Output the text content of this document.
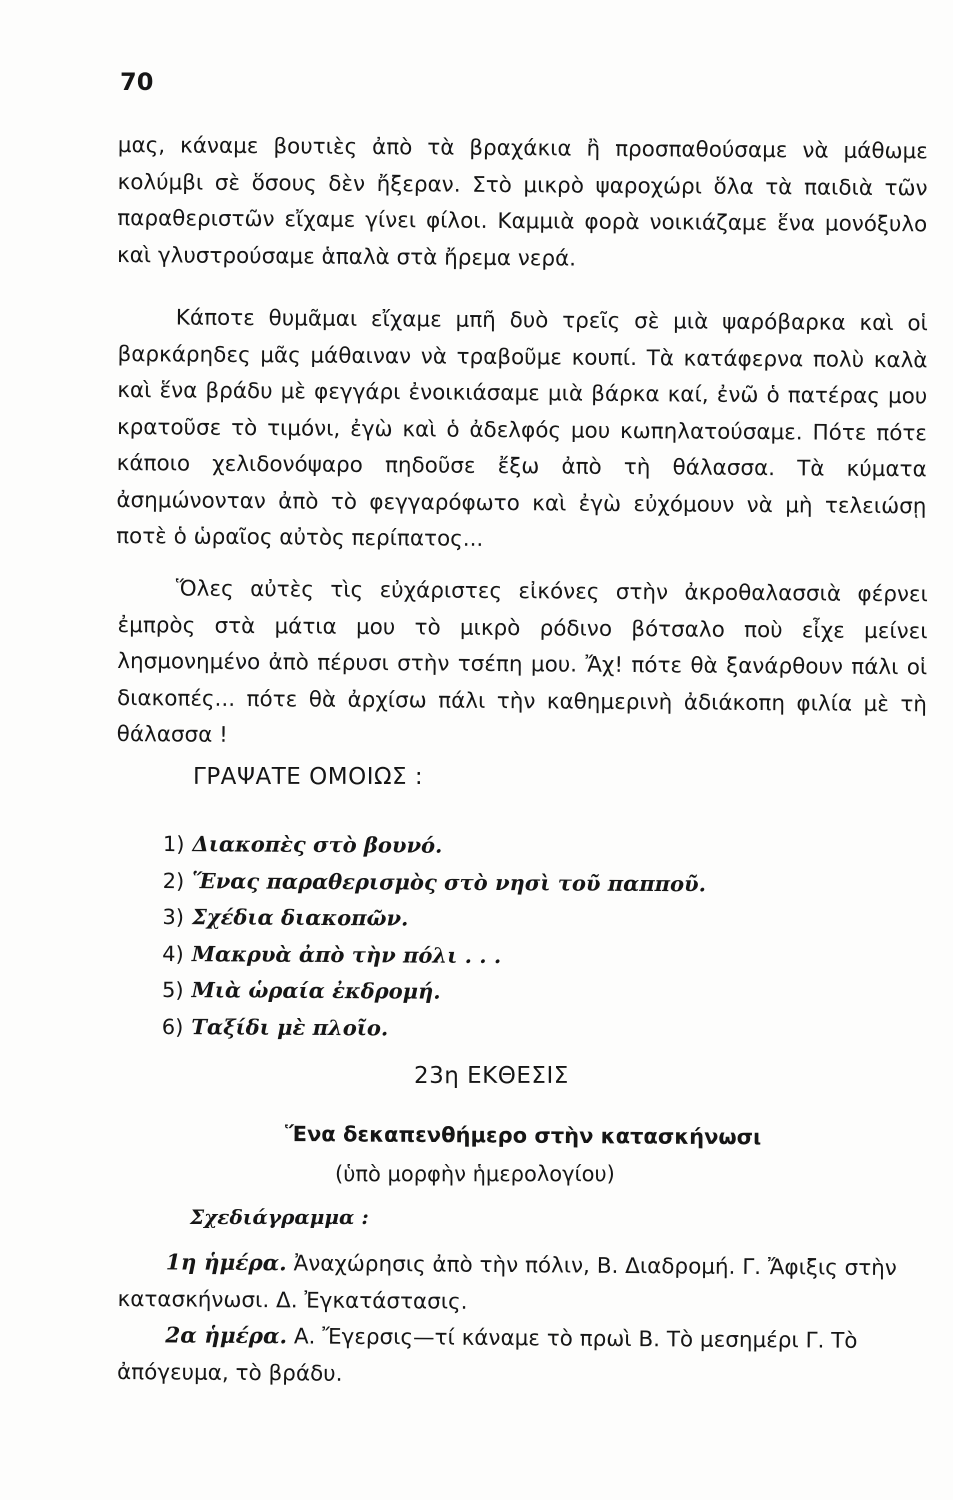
70

μας, κάναμε βουτιὲς ἀπὸ τὰ βραχάκια ἢ προσπαθούσαμε νὰ μάθωμε κολύμβι σὲ ὅσους δὲν ἤξεραν. Στὸ μικρὸ ψαροχώρι ὅλα τὰ παιδιὰ τῶν παραθεριστῶν εἴχαμε γίνει φίλοι. Καμμιὰ φορὰ νοικιάζαμε ἕνα μονόξυλο καὶ γλυστρούσαμε ἁπαλὰ στὰ ἤρεμα νερά.

Κάποτε θυμᾶμαι εἴχαμε μπῆ δυὸ τρεῖς σὲ μιὰ ψαρόβαρκα καὶ οἱ βαρκάρηδες μᾶς μάθαιναν νὰ τραβοῦμε κουπί. Τὰ κατάφερνα πολὺ καλὰ καὶ ἕνα βράδυ μὲ φεγγάρι ἐνοικιάσαμε μιὰ βάρκα καί, ἐνῶ ὁ πατέρας μου κρατοῦσε τὸ τιμόνι, ἐγὼ καὶ ὁ ἀδελφός μου κωπηλατούσαμε. Πότε πότε κάποιο χελιδονόψαρο πηδοῦσε ἔξω ἀπὸ τὴ θάλασσα. Τὰ κύματα ἀσημώνονταν ἀπὸ τὸ φεγγαρόφωτο καὶ ἐγὼ εὐχόμουν νὰ μὴ τελειώσῃ ποτὲ ὁ ὡραῖος αὐτὸς περίπατος...

Ὅλες αὐτὲς τὶς εὐχάριστες εἰκόνες στὴν ἀκροθαλασσιὰ φέρνει ἐμπρὸς στὰ μάτια μου τὸ μικρὸ ρόδινο βότσαλο ποὺ εἶχε μείνει λησμονημένο ἀπὸ πέρυσι στὴν τσέπη μου. Ἄχ! πότε θὰ ξανάρθουν πάλι οἱ διακοπές... πότε θὰ ἀρχίσω πάλι τὴν καθημερινὴ ἀδιάκοπη φιλία μὲ τὴ θάλασσα !

ΓΡΑΨΑΤΕ ΟΜΟΙΩΣ :
1) Διακοπὲς στὸ βουνό.
2) Ἕνας παραθερισμὸς στὸ νησὶ τοῦ παπποῦ.
3) Σχέδια διακοπῶν.
4) Μακρυὰ ἀπὸ τὴν πόλι . . .
5) Μιὰ ὡραία ἐκδρομή.
6) Ταξίδι μὲ πλοῖο.
23η ΕΚΘΕΣΙΣ
Ἕνα δεκαπενθήμερο στὴν κατασκήνωσι
(ὑπὸ μορφὴν ἡμερολογίου)
Σχεδιάγραμμα :

1η ἡμέρα. Ἀναχώρησις ἀπὸ τὴν πόλιν, Β. Διαδρομή. Γ. Ἄφιξις στὴν κατασκήνωσι. Δ. Ἐγκατάστασις.

2α ἡμέρα. Α. Ἔγερσις—τί κάναμε τὸ πρωὶ Β. Τὸ μεσημέρι Γ. Τὸ ἀπόγευμα, τὸ βράδυ.
